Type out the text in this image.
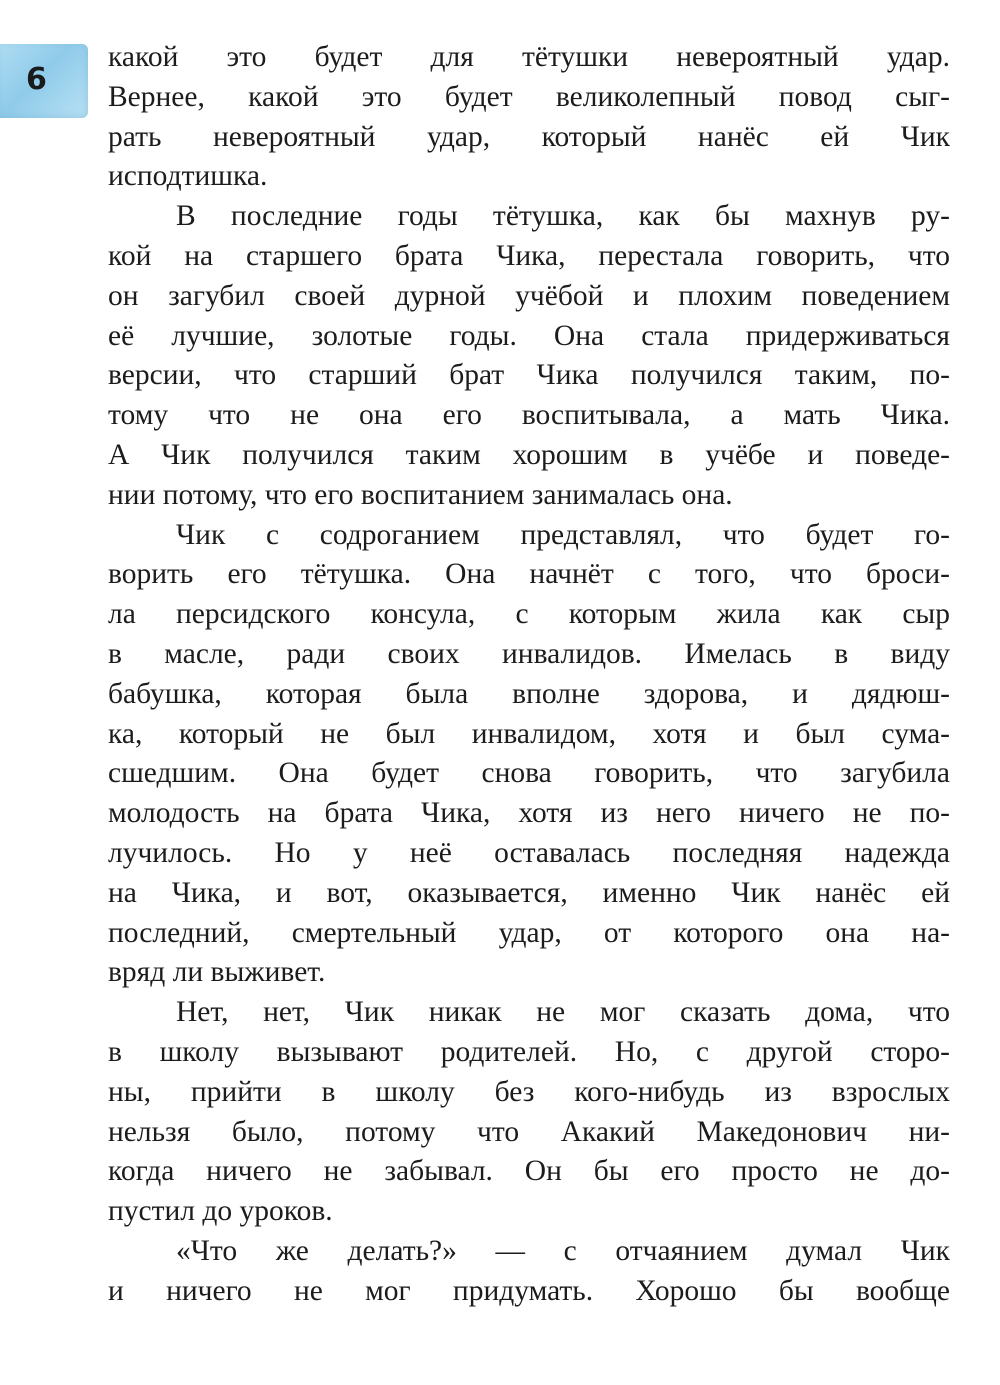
6
какой это будет для тётушки невероятный удар.
Вернее, какой это будет великолепный повод сыг-
рать невероятный удар, который нанёс ей Чик
исподтишка.
В последние годы тётушка, как бы махнув ру-
кой на старшего брата Чика, перестала говорить, что
он загубил своей дурной учёбой и плохим поведением
её лучшие, золотые годы. Она стала придерживаться
версии, что старший брат Чика получился таким, по-
тому что не она его воспитывала, а мать Чика.
А Чик получился таким хорошим в учёбе и поведе-
нии потому, что его воспитанием занималась она.
Чик с содроганием представлял, что будет го-
ворить его тётушка. Она начнёт с того, что броси-
ла персидского консула, с которым жила как сыр
в масле, ради своих инвалидов. Имелась в виду
бабушка, которая была вполне здорова, и дядюш-
ка, который не был инвалидом, хотя и был сума-
сшедшим. Она будет снова говорить, что загубила
молодость на брата Чика, хотя из него ничего не по-
лучилось. Но у неё оставалась последняя надежда
на Чика, и вот, оказывается, именно Чик нанёс ей
последний, смертельный удар, от которого она на-
вряд ли выживет.
Нет, нет, Чик никак не мог сказать дома, что
в школу вызывают родителей. Но, с другой сторо-
ны, прийти в школу без кого-нибудь из взрослых
нельзя было, потому что Акакий Македонович ни-
когда ничего не забывал. Он бы его просто не до-
пустил до уроков.
«Что же делать?» — с отчаянием думал Чик
и ничего не мог придумать. Хорошо бы вообще
